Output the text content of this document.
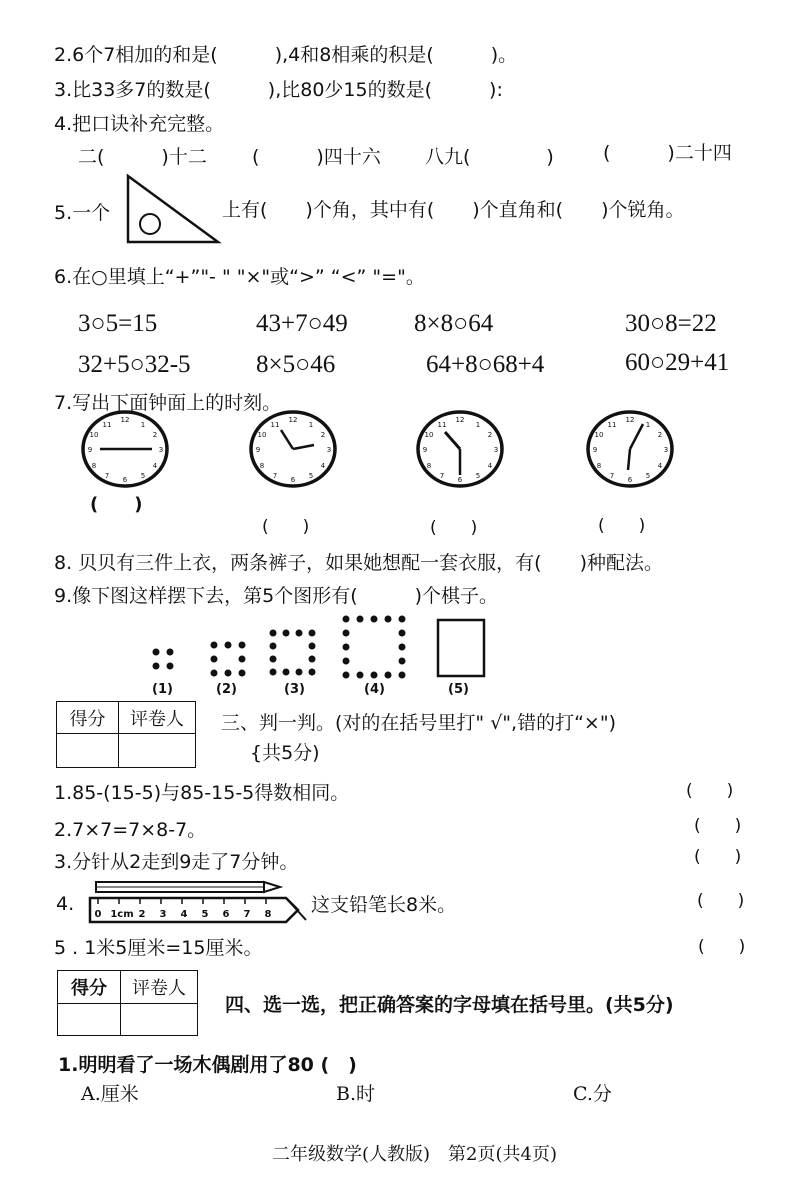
2.6个7相加的和是(　　　),4和8相乘的积是(　　　)。
3.比33多7的数是(　　　),比80少15的数是(　　　):
4.把口诀补充完整。
二(　　　)十二 (　　　)四十六 八九(　　　　)	(　　　)二十四
5.一个	上有(　　)个角，其中有(　　)个直角和(　　)个锐角。
6.在○里填上“+”"- " "×"或“>” “<” "="。
3○5=15	43+7○49	8×8○64	30○8=22
32+5○32-5	8×5○46	64+8○68+4	60○29+41
7.写出下面钟面上的时刻。
12
3
6
9
1
2
4
5
7
8
10
11
12
3
6
9
1
2
4
5
7
8
10
11
12
3
6
9
1
2
4
5
7
8
10
11
12
3
6
9
1
2
4
5
7
8
10
11
(　　)
(　　)	(　　)	(　　)
8. 贝贝有三件上衣，两条裤子，如果她想配一套衣服，有(　　)种配法。
9.像下图这样摆下去，第5个图形有(　　　)个棋子。
(1)	(2)	(3)	(4)	(5)
得分	评卷人
	三、判一判。(对的在括号里打" √",错的打“×")
{共5分)
1.85-(15-5)与85-15-5得数相同。	(　　)
2.7×7=7×8-7。	(　　)
3.分针从2走到9走了7分钟。	(　　)
4. 0 1cm 2 3 4 5 6 7 8 这支铅笔长8米。	(　　)
5 . 1米5厘米=15厘米。	(　　)
得分	评卷人

四、选一选，把正确答案的字母填在括号里。(共5分)
1.明明看了一场木偶剧用了80 (　)
A.厘米	B.时	C.分
二年级数学(人教版)　第2页(共4页)
